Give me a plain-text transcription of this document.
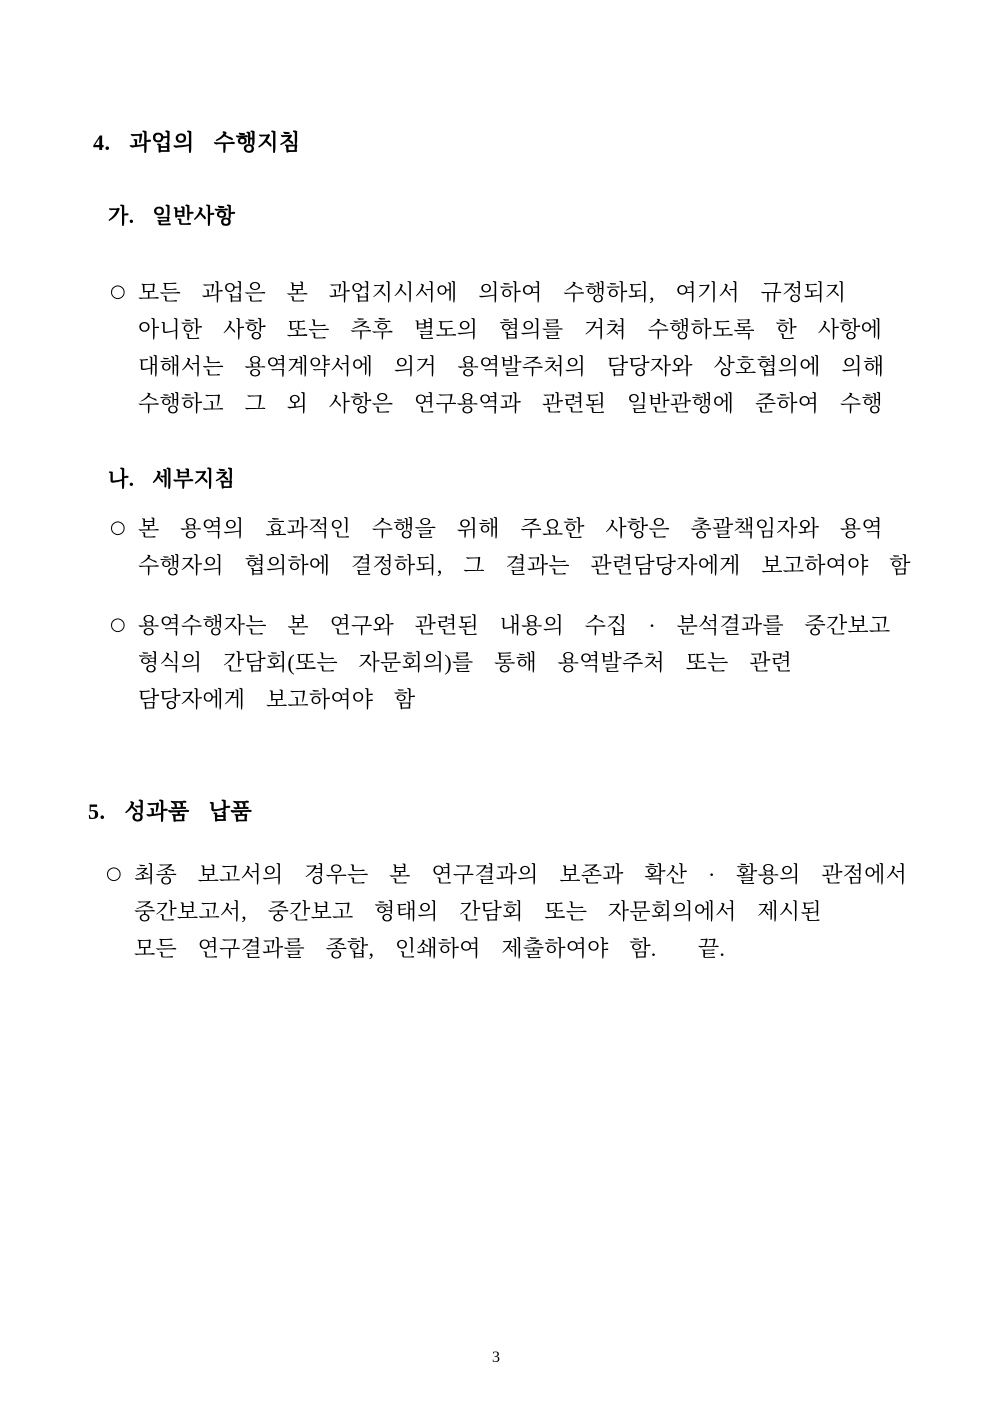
4. 과업의 수행지침
가. 일반사항
○ 모든 과업은 본 과업지시서에 의하여 수행하되, 여기서 규정되지
아니한 사항 또는 추후 별도의 협의를 거쳐 수행하도록 한 사항에
대해서는 용역계약서에 의거 용역발주처의 담당자와 상호협의에 의해
수행하고 그 외 사항은 연구용역과 관련된 일반관행에 준하여 수행
나. 세부지침
○ 본 용역의 효과적인 수행을 위해 주요한 사항은 총괄책임자와 용역
수행자의 협의하에 결정하되, 그 결과는 관련담당자에게 보고하여야 함
○ 용역수행자는 본 연구와 관련된 내용의 수집 · 분석결과를 중간보고
형식의 간담회(또는 자문회의)를 통해 용역발주처 또는 관련
담당자에게 보고하여야 함
5. 성과품 납품
○ 최종 보고서의 경우는 본 연구결과의 보존과 확산 · 활용의 관점에서
중간보고서, 중간보고 형태의 간담회 또는 자문회의에서 제시된
모든 연구결과를 종합, 인쇄하여 제출하여야 함.  끝.
3
